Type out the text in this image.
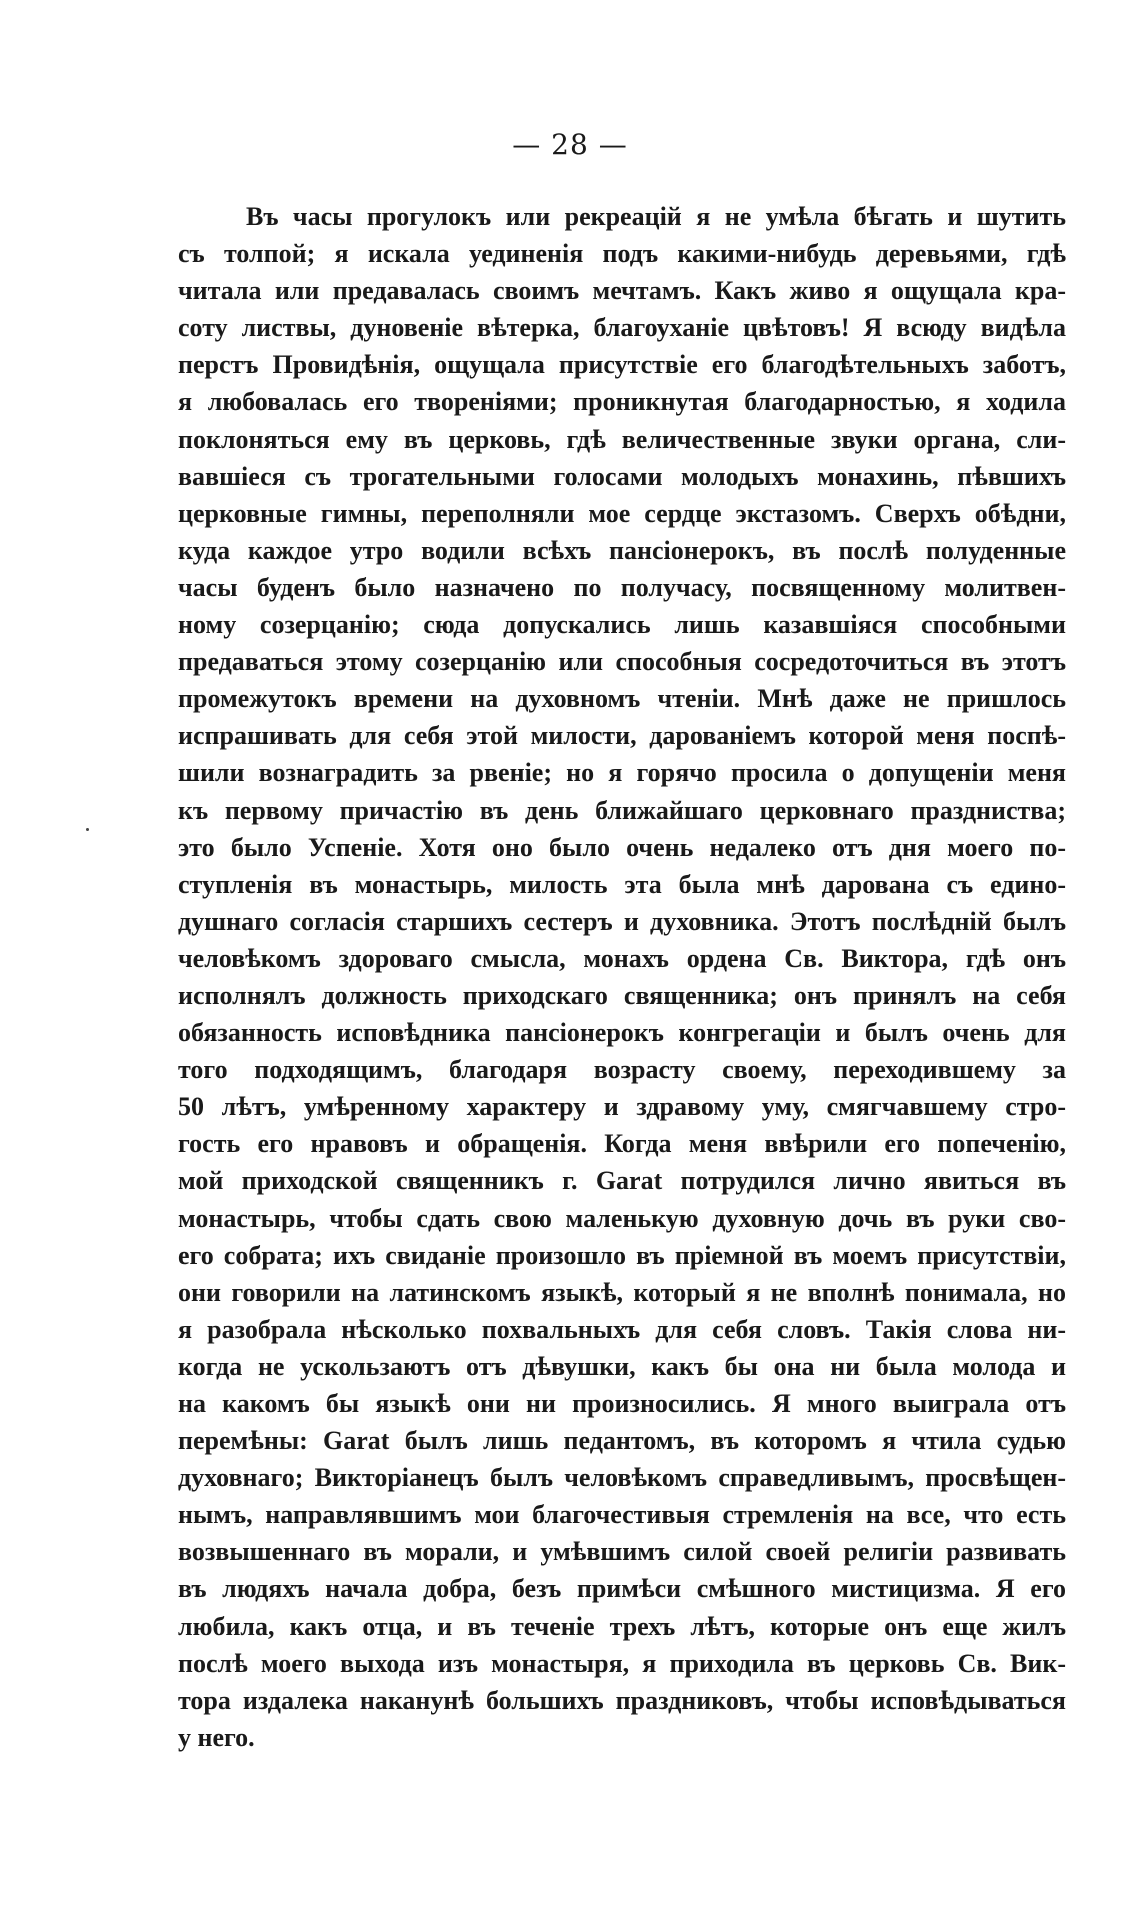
— 28 —
Въ часы прогулокъ или рекреацій я не умѣла бѣгать и шутить
съ толпой; я искала уединенія подъ какими-нибудь деревьями, гдѣ
читала или предавалась своимъ мечтамъ. Какъ живо я ощущала кра-
соту листвы, дуновеніе вѣтерка, благоуханіе цвѣтовъ! Я всюду видѣла
перстъ Провидѣнія, ощущала присутствіе его благодѣтельныхъ заботъ,
я любовалась его твореніями; проникнутая благодарностью, я ходила
поклоняться ему въ церковь, гдѣ величественные звуки органа, сли-
вавшіеся съ трогательными голосами молодыхъ монахинь, пѣвшихъ
церковные гимны, переполняли мое сердце экстазомъ. Сверхъ обѣдни,
куда каждое утро водили всѣхъ пансіонерокъ, въ послѣ полуденные
часы буденъ было назначено по получасу, посвященному молитвен-
ному созерцанію; сюда допускались лишь казавшіяся способными
предаваться этому созерцанію или способныя сосредоточиться въ этотъ
промежутокъ времени на духовномъ чтеніи. Мнѣ даже не пришлось
испрашивать для себя этой милости, дарованіемъ которой меня поспѣ-
шили вознаградить за рвеніе; но я горячо просила о допущеніи меня
къ первому причастію въ день ближайшаго церковнаго праздниства;
это было Успеніе. Хотя оно было очень недалеко отъ дня моего по-
ступленія въ монастырь, милость эта была мнѣ дарована съ едино-
душнаго согласія старшихъ сестеръ и духовника. Этотъ послѣдній былъ
человѣкомъ здороваго смысла, монахъ ордена Св. Виктора, гдѣ онъ
исполнялъ должность приходскаго священника; онъ принялъ на себя
обязанность исповѣдника пансіонерокъ конгрегаціи и былъ очень для
того подходящимъ, благодаря возрасту своему, переходившему за
50 лѣтъ, умѣренному характеру и здравому уму, смягчавшему стро-
гость его нравовъ и обращенія. Когда меня ввѣрили его попеченію,
мой приходской священникъ г. Garat потрудился лично явиться въ
монастырь, чтобы сдать свою маленькую духовную дочь въ руки сво-
его собрата; ихъ свиданіе произошло въ пріемной въ моемъ присутствіи,
они говорили на латинскомъ языкѣ, который я не вполнѣ понимала, но
я разобрала нѣсколько похвальныхъ для себя словъ. Такія слова ни-
когда не ускользаютъ отъ дѣвушки, какъ бы она ни была молода и
на какомъ бы языкѣ они ни произносились. Я много выиграла отъ
перемѣны: Garat былъ лишь педантомъ, въ которомъ я чтила судью
духовнаго; Викторіанецъ былъ человѣкомъ справедливымъ, просвѣщен-
нымъ, направлявшимъ мои благочестивыя стремленія на все, что есть
возвышеннаго въ морали, и умѣвшимъ силой своей религіи развивать
въ людяхъ начала добра, безъ примѣси смѣшного мистицизма. Я его
любила, какъ отца, и въ теченіе трехъ лѣтъ, которые онъ еще жилъ
послѣ моего выхода изъ монастыря, я приходила въ церковь Св. Вик-
тора издалека наканунѣ большихъ праздниковъ, чтобы исповѣдываться
у него.
